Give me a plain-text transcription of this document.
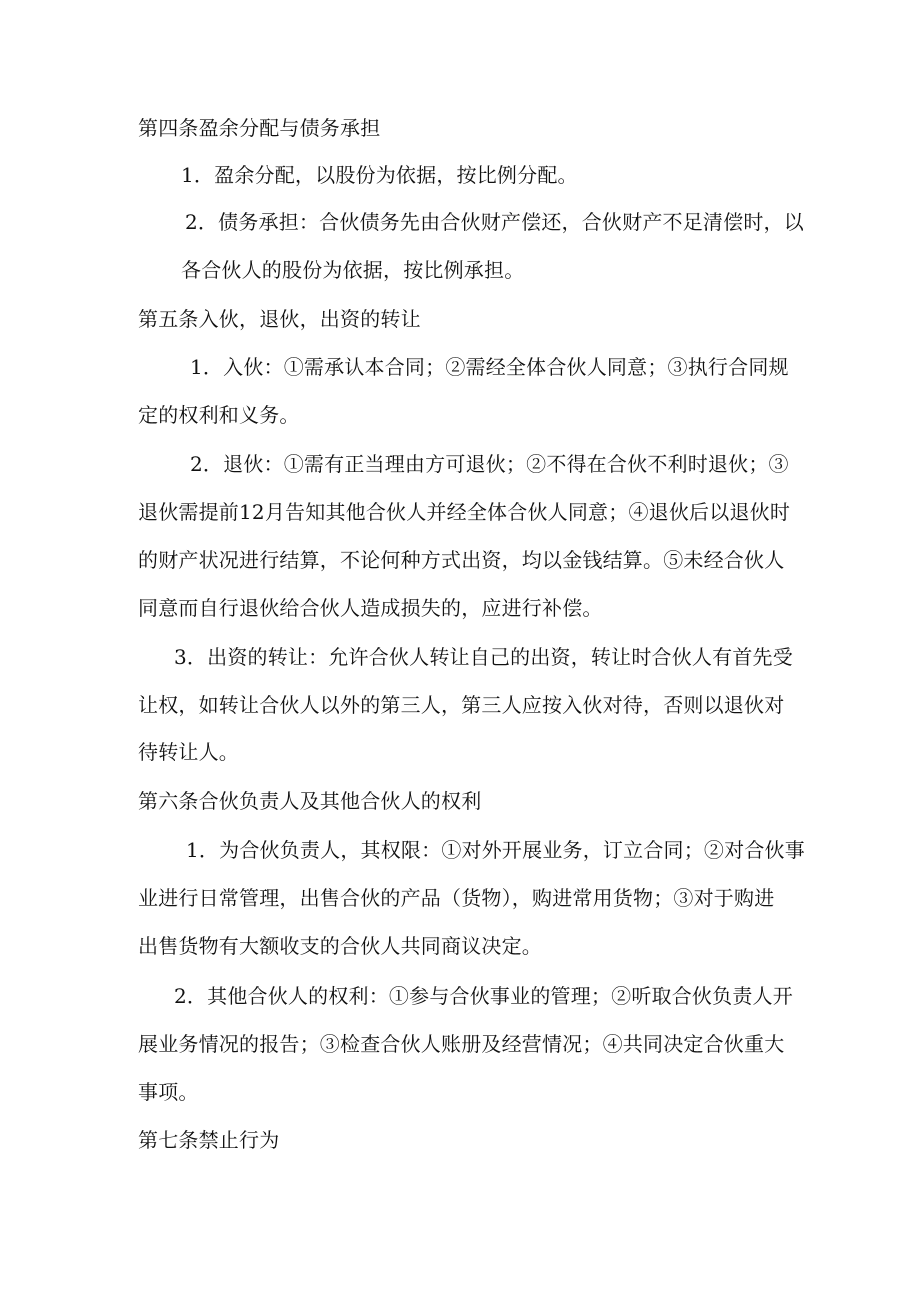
第四条盈余分配与债务承担
1．盈余分配，以股份为依据，按比例分配。
2．债务承担：合伙债务先由合伙财产偿还，合伙财产不足清偿时，以
各合伙人的股份为依据，按比例承担。
第五条入伙，退伙，出资的转让
1．入伙：①需承认本合同；②需经全体合伙人同意；③执行合同规
定的权利和义务。
2．退伙：①需有正当理由方可退伙；②不得在合伙不利时退伙；③
退伙需提前12月告知其他合伙人并经全体合伙人同意；④退伙后以退伙时
的财产状况进行结算，不论何种方式出资，均以金钱结算。⑤未经合伙人
同意而自行退伙给合伙人造成损失的，应进行补偿。
3．出资的转让：允许合伙人转让自己的出资，转让时合伙人有首先受
让权，如转让合伙人以外的第三人，第三人应按入伙对待，否则以退伙对
待转让人。
第六条合伙负责人及其他合伙人的权利
1．为合伙负责人，其权限：①对外开展业务，订立合同；②对合伙事
业进行日常管理，出售合伙的产品（货物），购进常用货物；③对于购进
出售货物有大额收支的合伙人共同商议决定。
2．其他合伙人的权利：①参与合伙事业的管理；②听取合伙负责人开
展业务情况的报告；③检查合伙人账册及经营情况；④共同决定合伙重大
事项。
第七条禁止行为
